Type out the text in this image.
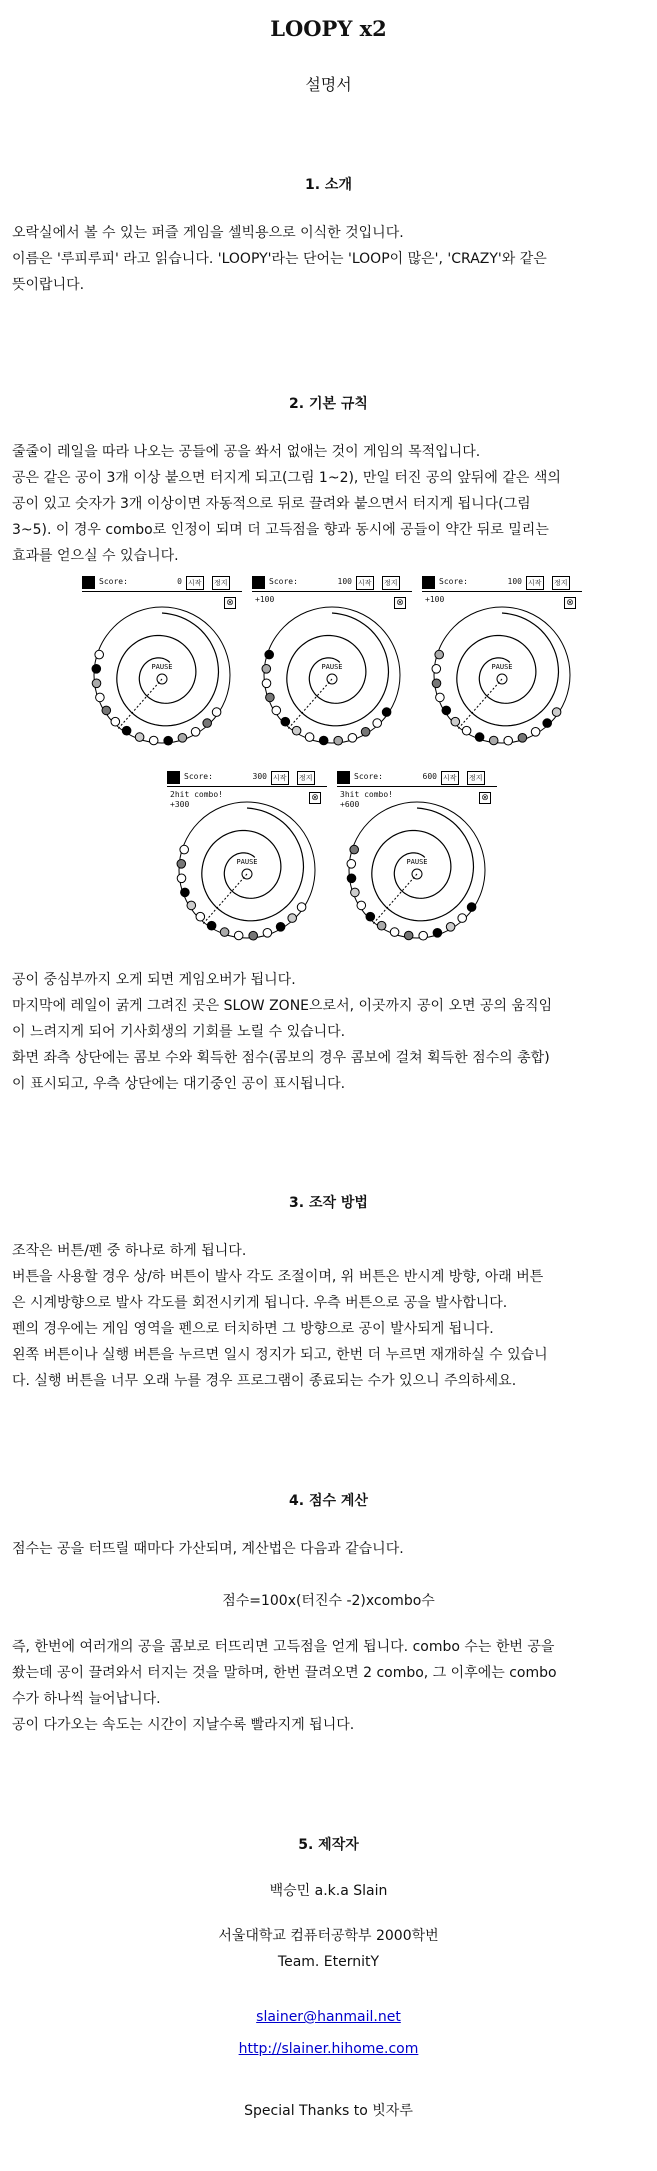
LOOPY x2
설명서
1. 소개
오락실에서 볼 수 있는 퍼즐 게임을 셀빅용으로 이식한 것입니다.
이름은 '루피루피' 라고 읽습니다. 'LOOPY'라는 단어는 'LOOP이 많은', 'CRAZY'와 같은
뜻이랍니다.
2. 기본 규칙
줄줄이 레일을 따라 나오는 공들에 공을 쏴서 없애는 것이 게임의 목적입니다.
공은 같은 공이 3개 이상 붙으면 터지게 되고(그림 1~2), 만일 터진 공의 앞뒤에 같은 색의
공이 있고 숫자가 3개 이상이면 자동적으로 뒤로 끌려와 붙으면서 터지게 됩니다(그림
3~5). 이 경우 combo로 인정이 되며 더 고득점을 향과 동시에 공들이 약간 뒤로 밀리는
효과를 얻으실 수 있습니다.
Score:	0 시작 정지
⊗
PAUSE
Score:	100 시작 정지
+100	⊗
PAUSE
Score:	100 시작 정지
+100	⊗
PAUSE
Score:	300 시작 정지
2hit combo!
+300
⊗
PAUSE
Score:	600 시작 정지
3hit combo!
+600
⊗
PAUSE
공이 중심부까지 오게 되면 게임오버가 됩니다.
마지막에 레일이 굵게 그려진 곳은 SLOW ZONE으로서, 이곳까지 공이 오면 공의 움직임
이 느려지게 되어 기사회생의 기회를 노릴 수 있습니다.
화면 좌측 상단에는 콤보 수와 획득한 점수(콤보의 경우 콤보에 걸쳐 획득한 점수의 총합)
이 표시되고, 우측 상단에는 대기중인 공이 표시됩니다.
3. 조작 방법
조작은 버튼/펜 중 하나로 하게 됩니다.
버튼을 사용할 경우 상/하 버튼이 발사 각도 조절이며, 위 버튼은 반시계 방향, 아래 버튼
은 시계방향으로 발사 각도를 회전시키게 됩니다. 우측 버튼으로 공을 발사합니다.
펜의 경우에는 게임 영역을 펜으로 터치하면 그 방향으로 공이 발사되게 됩니다.
왼쪽 버튼이나 실행 버튼을 누르면 일시 정지가 되고, 한번 더 누르면 재개하실 수 있습니
다. 실행 버튼을 너무 오래 누를 경우 프로그램이 종료되는 수가 있으니 주의하세요.
4. 점수 계산
점수는 공을 터뜨릴 때마다 가산되며, 계산법은 다음과 같습니다.
점수=100x(터진수 -2)xcombo수
즉, 한번에 여러개의 공을 콤보로 터뜨리면 고득점을 얻게 됩니다. combo 수는 한번 공을
쐈는데 공이 끌려와서 터지는 것을 말하며, 한번 끌려오면 2 combo, 그 이후에는 combo
수가 하나씩 늘어납니다.
공이 다가오는 속도는 시간이 지날수록 빨라지게 됩니다.
5. 제작자
백승민 a.k.a Slain
서울대학교 컴퓨터공학부 2000학번
Team. EternitY
slainer@hanmail.net
http://slainer.hihome.com
Special Thanks to 빗자루
